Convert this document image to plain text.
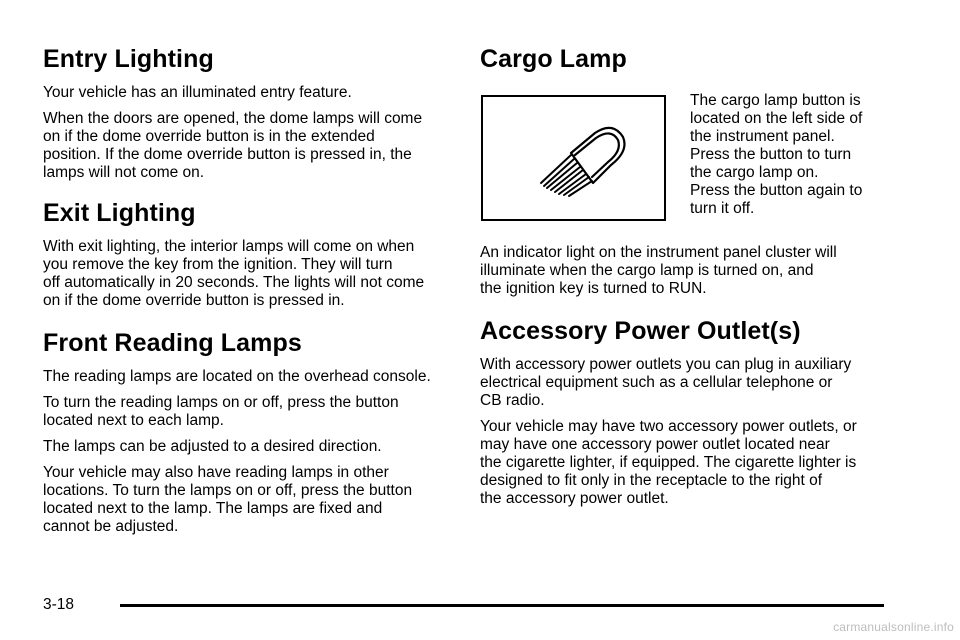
Entry Lighting

Your vehicle has an illuminated entry feature.

When the doors are opened, the dome lamps will come
on if the dome override button is in the extended
position. If the dome override button is pressed in, the
lamps will not come on.

Exit Lighting

With exit lighting, the interior lamps will come on when
you remove the key from the ignition. They will turn
off automatically in 20 seconds. The lights will not come
on if the dome override button is pressed in.

Front Reading Lamps

The reading lamps are located on the overhead console.

To turn the reading lamps on or off, press the button
located next to each lamp.

The lamps can be adjusted to a desired direction.

Your vehicle may also have reading lamps in other
locations. To turn the lamps on or off, press the button
located next to the lamp. The lamps are fixed and
cannot be adjusted.

Cargo Lamp

The cargo lamp button is
located on the left side of
the instrument panel.
Press the button to turn
the cargo lamp on.
Press the button again to
turn it off.

An indicator light on the instrument panel cluster will
illuminate when the cargo lamp is turned on, and
the ignition key is turned to RUN.

Accessory Power Outlet(s)

With accessory power outlets you can plug in auxiliary
electrical equipment such as a cellular telephone or
CB radio.

Your vehicle may have two accessory power outlets, or
may have one accessory power outlet located near
the cigarette lighter, if equipped. The cigarette lighter is
designed to fit only in the receptacle to the right of
the accessory power outlet.

3-18
carmanualsonline.info
